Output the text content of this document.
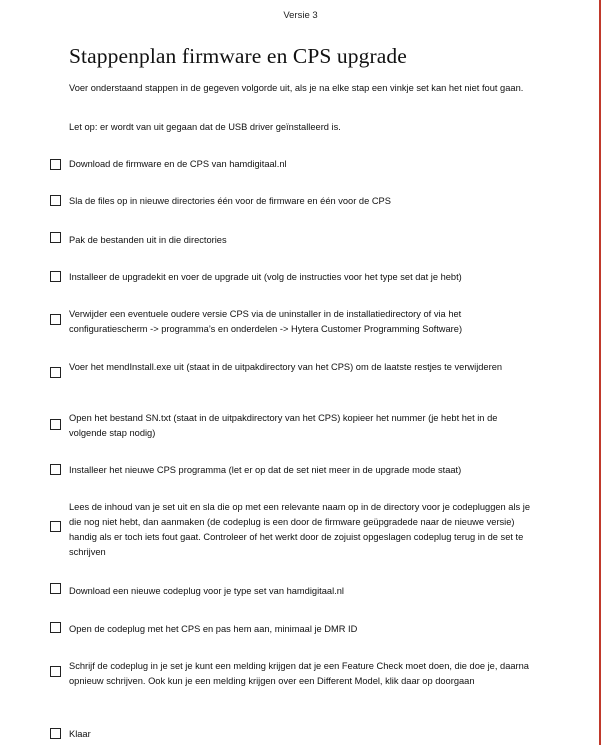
Versie 3
Stappenplan firmware en CPS upgrade
Voer onderstaand stappen in de gegeven volgorde uit, als je na elke stap een vinkje set kan het niet fout gaan.
Let op: er wordt van uit gegaan dat de USB driver geïnstalleerd is.
Download de firmware en de CPS van hamdigitaal.nl
Sla de files op in nieuwe directories één voor de firmware en één voor de CPS
Pak de bestanden uit in die directories
Installeer de upgradekit en voer de upgrade uit (volg de instructies voor het type set dat je hebt)
Verwijder een eventuele oudere versie CPS via de uninstaller in de installatiedirectory of via het configuratiescherm -> programma’s en onderdelen -> Hytera Customer Programming Software)
Voer het mendInstall.exe uit (staat in de uitpakdirectory van het CPS) om de laatste restjes te verwijderen
Open het bestand SN.txt (staat in de uitpakdirectory van het CPS) kopieer het nummer (je hebt het in de volgende stap nodig)
Installeer het nieuwe CPS programma (let er op dat de set niet meer in de upgrade mode staat)
Lees de inhoud van je set uit en sla die op met een relevante naam op in de directory voor je codepluggen als je die nog niet hebt, dan aanmaken (de codeplug is een door de firmware geüpgradede naar de nieuwe versie) handig als er toch iets fout gaat. Controleer of het werkt door de zojuist opgeslagen codeplug terug in de set te schrijven
Download een nieuwe codeplug voor je type set van hamdigitaal.nl
Open de codeplug met het CPS en pas hem aan, minimaal je DMR ID
Schrijf de codeplug in je set je kunt een melding krijgen dat je een Feature Check moet doen, die doe je, daarna opnieuw schrijven. Ook kun je een melding krijgen over een Different Model, klik daar op doorgaan
Klaar
